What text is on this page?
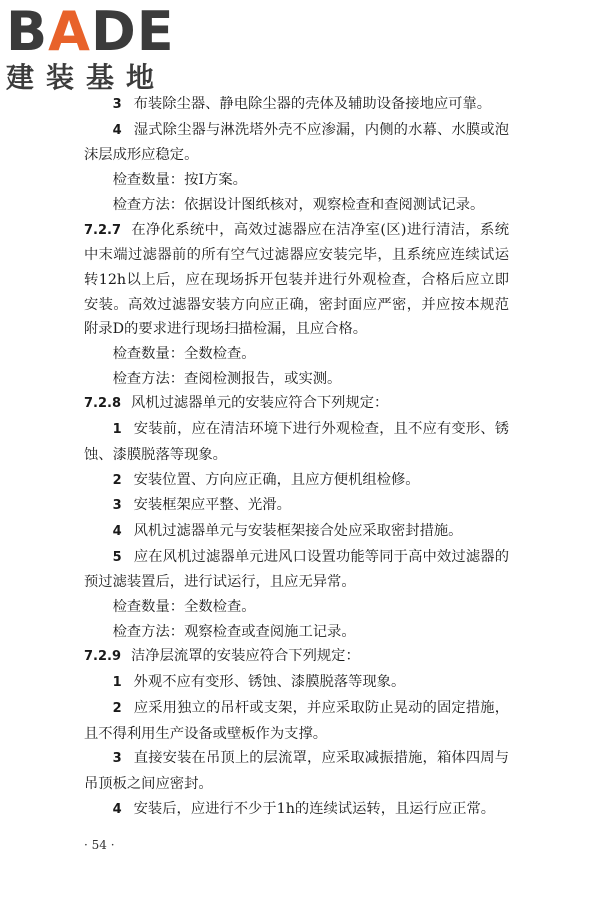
BADE
建装基地

3 布装除尘器、静电除尘器的壳体及辅助设备接地应可靠。

4 湿式除尘器与淋洗塔外壳不应渗漏，内侧的水幕、水膜或泡沫层成形应稳定。

检查数量：按Ⅰ方案。

检查方法：依据设计图纸核对，观察检查和查阅测试记录。

7.2.7 在净化系统中，高效过滤器应在洁净室(区)进行清洁，系统中末端过滤器前的所有空气过滤器应安装完毕，且系统应连续试运转12h以上后，应在现场拆开包装并进行外观检查，合格后应立即安装。高效过滤器安装方向应正确，密封面应严密，并应按本规范附录D的要求进行现场扫描检漏，且应合格。

检查数量：全数检查。

检查方法：查阅检测报告，或实测。

7.2.8 风机过滤器单元的安装应符合下列规定：

1 安装前，应在清洁环境下进行外观检查，且不应有变形、锈蚀、漆膜脱落等现象。

2 安装位置、方向应正确，且应方便机组检修。

3 安装框架应平整、光滑。

4 风机过滤器单元与安装框架接合处应采取密封措施。

5 应在风机过滤器单元进风口设置功能等同于高中效过滤器的预过滤装置后，进行试运行，且应无异常。

检查数量：全数检查。

检查方法：观察检查或查阅施工记录。

7.2.9 洁净层流罩的安装应符合下列规定：

1 外观不应有变形、锈蚀、漆膜脱落等现象。

2 应采用独立的吊杆或支架，并应采取防止晃动的固定措施，且不得利用生产设备或壁板作为支撑。

3 直接安装在吊顶上的层流罩，应采取减振措施，箱体四周与吊顶板之间应密封。

4 安装后，应进行不少于1h的连续试运转，且运行应正常。

· 54 ·
